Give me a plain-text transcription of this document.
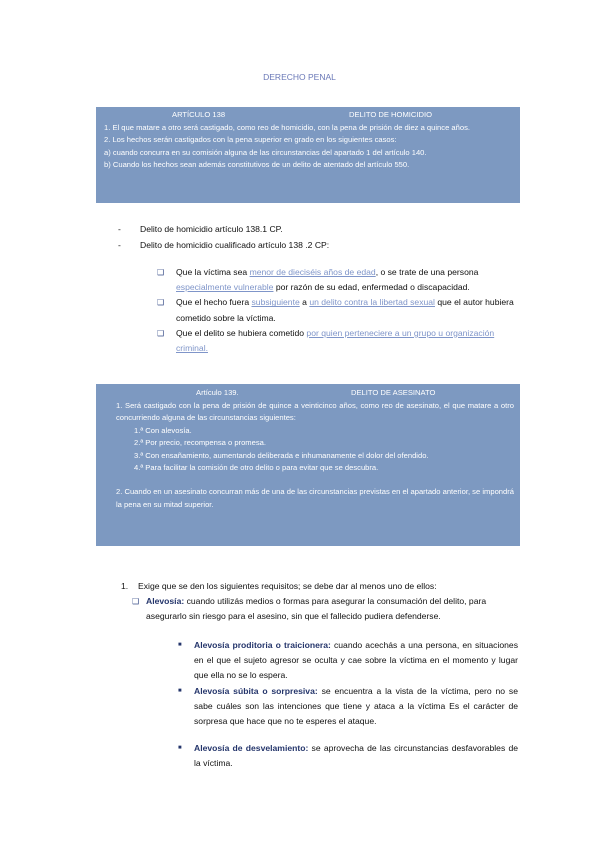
DERECHO PENAL
ARTÍCULO 138	DELITO DE HOMICIDIO

1. El que matare a otro será castigado, como reo de homicidio, con la pena de prisión de diez a quince años.

2. Los hechos serán castigados con la pena superior en grado en los siguientes casos:

a) cuando concurra en su comisión alguna de las circunstancias del apartado 1 del artículo 140.

b) Cuando los hechos sean además constitutivos de un delito de atentado del artículo 550.

-	Delito de homicidio artículo 138.1 CP.
-	Delito de homicidio cualificado artículo 138 .2 CP:
❑	Que la víctima sea menor de dieciséis años de edad, o se trate de una persona especialmente vulnerable por razón de su edad, enfermedad o discapacidad.
❑	Que el hecho fuera subsiguiente a un delito contra la libertad sexual que el autor hubiera cometido sobre la víctima.
❑	Que el delito se hubiera cometido por quien perteneciere a un grupo u organización criminal.
Artículo 139.	DELITO DE ASESINATO

1. Será castigado con la pena de prisión de quince a veinticinco años, como reo de asesinato, el que matare a otro concurriendo alguna de las circunstancias siguientes:

1.ª Con alevosía.

2.ª Por precio, recompensa o promesa.

3.ª Con ensañamiento, aumentando deliberada e inhumanamente el dolor del ofendido.

4.ª Para facilitar la comisión de otro delito o para evitar que se descubra.

2. Cuando en un asesinato concurran más de una de las circunstancias previstas en el apartado anterior, se impondrá la pena en su mitad superior.

1. Exige que se den los siguientes requisitos; se debe dar al menos uno de ellos:
❑ Alevosía: cuando utilizás medios o formas para asegurar la consumación del delito, para asegurarlo sin riesgo para el asesino, sin que el fallecido pudiera defenderse.
■	Alevosía proditoria o traicionera: cuando acechás a una persona, en situaciones en el que el sujeto agresor se oculta y cae sobre la víctima en el momento y lugar que ella no se lo espera.
■	Alevosía súbita o sorpresiva: se encuentra a la vista de la víctima, pero no se sabe cuáles son las intenciones que tiene y ataca a la víctima Es el carácter de sorpresa que hace que no te esperes el ataque.
■	Alevosía de desvelamiento: se aprovecha de las circunstancias desfavorables de la víctima.
